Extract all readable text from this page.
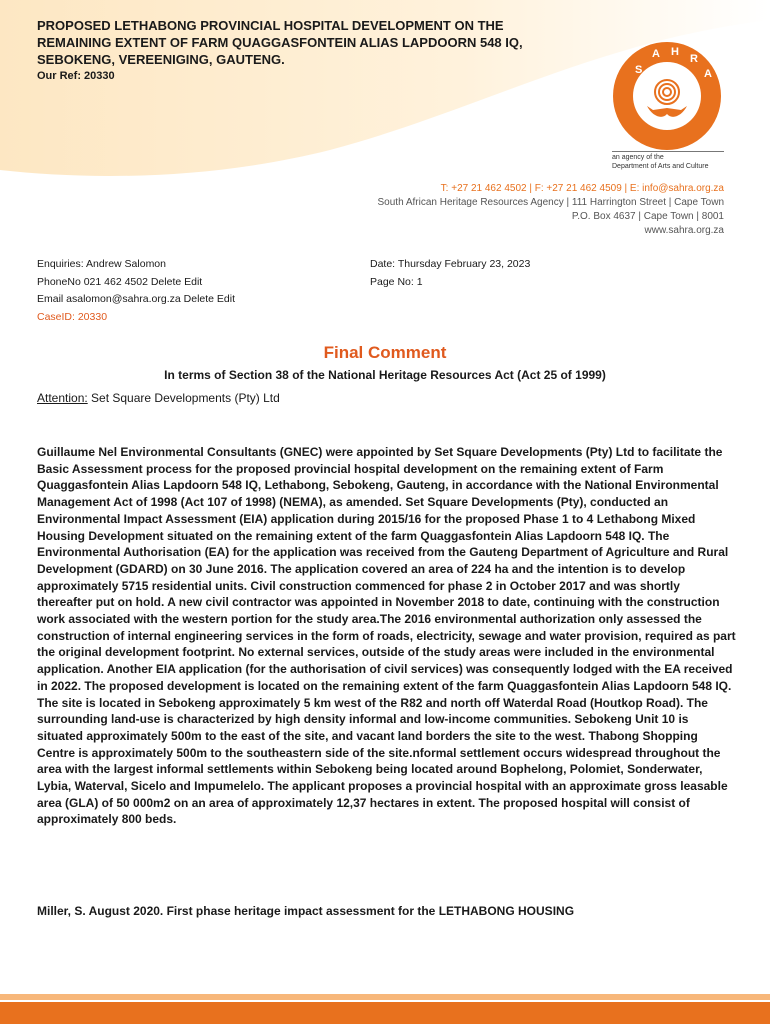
PROPOSED LETHABONG PROVINCIAL HOSPITAL DEVELOPMENT ON THE REMAINING EXTENT OF FARM QUAGGASFONTEIN ALIAS LAPDOORN 548 IQ, SEBOKENG, VEREENIGING, GAUTENG.
Our Ref: 20330	S
A H
R
A
an agency of the
Department of Arts and Culture
T: +27 21 462 4502 | F: +27 21 462 4509 | E: info@sahra.org.za
South African Heritage Resources Agency | 111 Harrington Street | Cape Town
P.O. Box 4637 | Cape Town | 8001
www.sahra.org.za
Enquiries: Andrew Salomon
PhoneNo 021 462 4502 Delete Edit
Email asalomon@sahra.org.za Delete Edit
CaseID: 20330
Date: Thursday February 23, 2023
Page No: 1
Final Comment
In terms of Section 38 of the National Heritage Resources Act (Act 25 of 1999)
Attention: Set Square Developments (Pty) Ltd
Guillaume Nel Environmental Consultants (GNEC) were appointed by Set Square Developments (Pty) Ltd to facilitate the Basic Assessment process for the proposed provincial hospital development on the remaining extent of Farm Quaggasfontein Alias Lapdoorn 548 IQ, Lethabong, Sebokeng, Gauteng, in accordance with the National Environmental Management Act of 1998 (Act 107 of 1998) (NEMA), as amended. Set Square Developments (Pty), conducted an Environmental Impact Assessment (EIA) application during 2015/16 for the proposed Phase 1 to 4 Lethabong Mixed Housing Development situated on the remaining extent of the farm Quaggasfontein Alias Lapdoorn 548 IQ. The Environmental Authorisation (EA) for the application was received from the Gauteng Department of Agriculture and Rural Development (GDARD) on 30 June 2016. The application covered an area of 224 ha and the intention is to develop approximately 5715 residential units. Civil construction commenced for phase 2 in October 2017 and was shortly thereafter put on hold. A new civil contractor was appointed in November 2018 to date, continuing with the construction work associated with the western portion for the study area.The 2016 environmental authorization only assessed the construction of internal engineering services in the form of roads, electricity, sewage and water provision, required as part the original development footprint. No external services, outside of the study areas were included in the environmental application. Another EIA application (for the authorisation of civil services) was consequently lodged with the EA received in 2022. The proposed development is located on the remaining extent of the farm Quaggasfontein Alias Lapdoorn 548 IQ. The site is located in Sebokeng approximately 5 km west of the R82 and north off Waterdal Road (Houtkop Road). The surrounding land-use is characterized by high density informal and low-income communities. Sebokeng Unit 10 is situated approximately 500m to the east of the site, and vacant land borders the site to the west. Thabong Shopping Centre is approximately 500m to the southeastern side of the site.nformal settlement occurs widespread throughout the area with the largest informal settlements within Sebokeng being located around Bophelong, Polomiet, Sonderwater, Lybia, Waterval, Sicelo and Impumelelo. The applicant proposes a provincial hospital with an approximate gross leasable area (GLA) of 50 000m2 on an area of approximately 12,37 hectares in extent. The proposed hospital will consist of approximately 800 beds.
Miller, S. August 2020. First phase heritage impact assessment for the LETHABONG HOUSING
